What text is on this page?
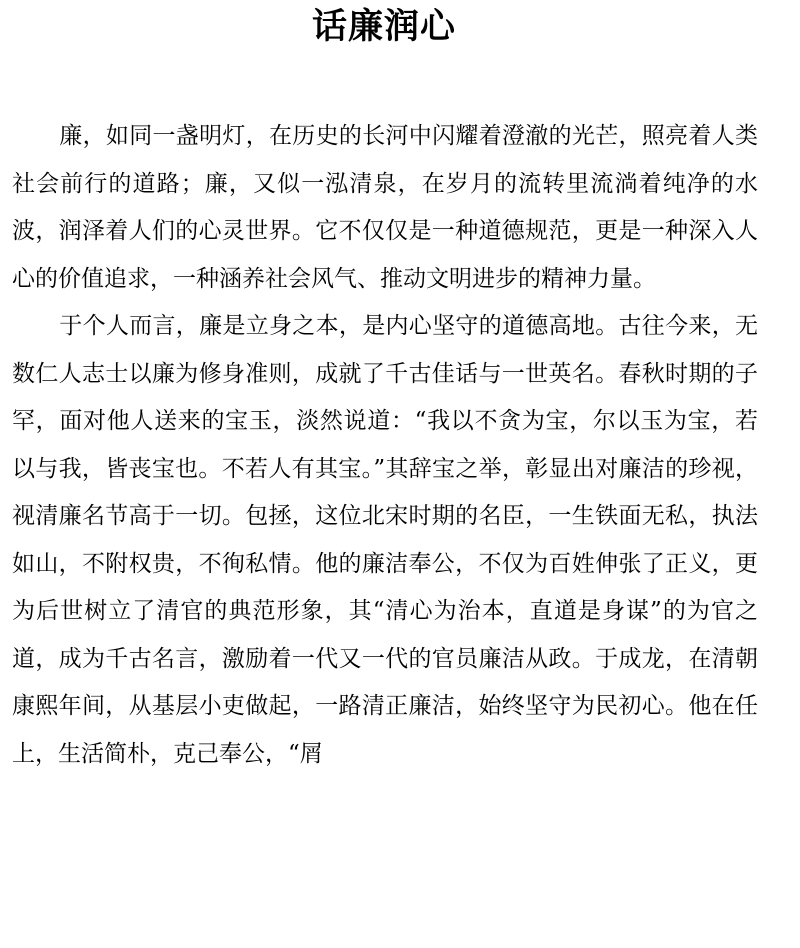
话廉润心

廉，如同一盏明灯，在历史的长河中闪耀着澄澈的光芒，照亮着人类社会前行的道路；廉，又似一泓清泉，在岁月的流转里流淌着纯净的水波，润泽着人们的心灵世界。它不仅仅是一种道德规范，更是一种深入人心的价值追求，一种涵养社会风气、推动文明进步的精神力量。

于个人而言，廉是立身之本，是内心坚守的道德高地。古往今来，无数仁人志士以廉为修身准则，成就了千古佳话与一世英名。春秋时期的子罕，面对他人送来的宝玉，淡然说道：“我以不贪为宝，尔以玉为宝，若以与我，皆丧宝也。不若人有其宝。”其辞宝之举，彰显出对廉洁的珍视，视清廉名节高于一切。包拯，这位北宋时期的名臣，一生铁面无私，执法如山，不附权贵，不徇私情。他的廉洁奉公，不仅为百姓伸张了正义，更为后世树立了清官的典范形象，其“清心为治本，直道是身谋”的为官之道，成为千古名言，激励着一代又一代的官员廉洁从政。于成龙，在清朝康熙年间，从基层小吏做起，一路清正廉洁，始终坚守为民初心。他在任上，生活简朴，克己奉公，“屑
